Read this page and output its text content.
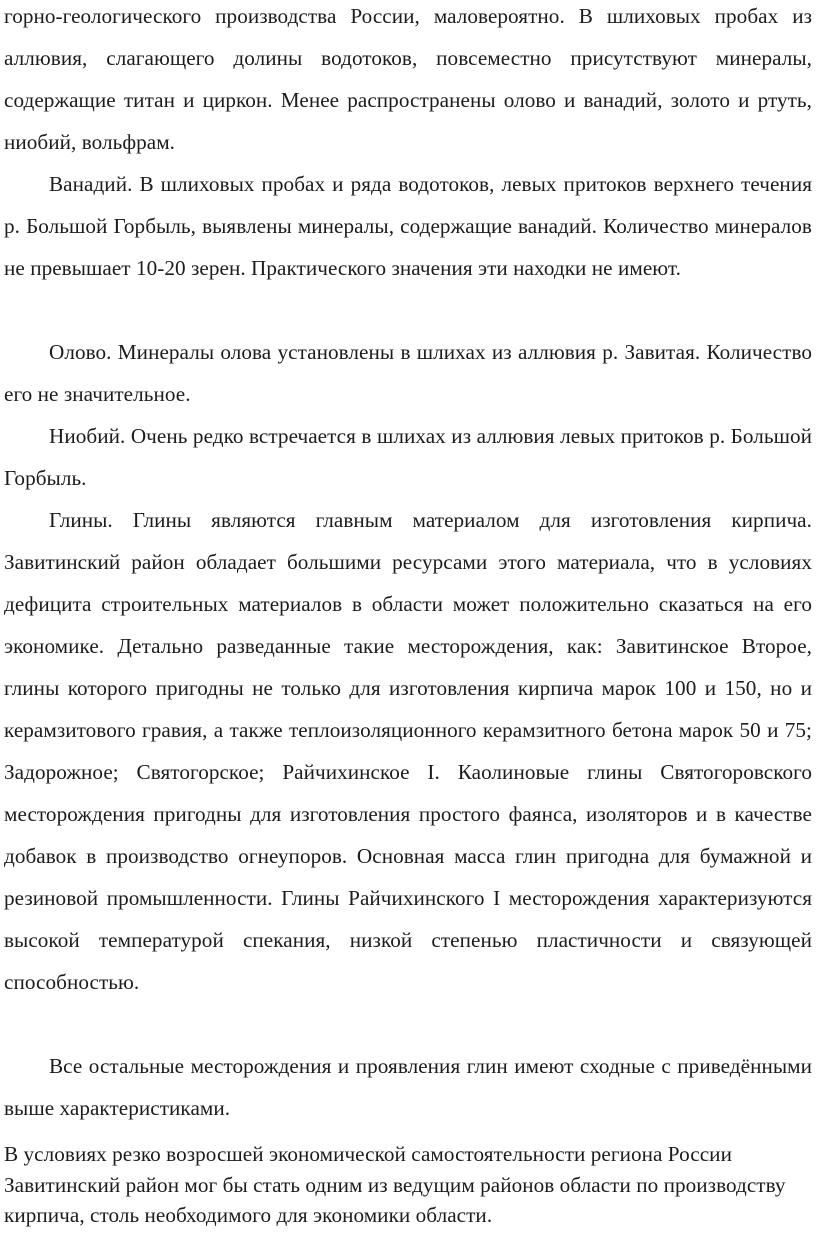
горно-геологического производства России, маловероятно. В шлиховых пробах из аллювия, слагающего долины водотоков, повсеместно присутствуют минералы, содержащие титан и циркон. Менее распространены олово и ванадий, золото и ртуть, ниобий, вольфрам.

Ванадий. В шлиховых пробах и ряда водотоков, левых притоков верхнего течения р. Большой Горбыль, выявлены минералы, содержащие ванадий. Количество минералов не превышает 10-20 зерен. Практического значения эти находки не имеют.

Олово. Минералы олова установлены в шлихах из аллювия р. Завитая. Количество его не значительное.

Ниобий. Очень редко встречается в шлихах из аллювия левых притоков р. Большой Горбыль.

Глины. Глины являются главным материалом для изготовления кирпича. Завитинский район обладает большими ресурсами этого материала, что в условиях дефицита строительных материалов в области может положительно сказаться на его экономике. Детально разведанные такие месторождения, как: Завитинское Второе, глины которого пригодны не только для изготовления кирпича марок 100 и 150, но и керамзитового гравия, а также теплоизоляционного керамзитного бетона марок 50 и 75; Задорожное; Святогорское; Райчихинское I. Каолиновые глины Святогоровского месторождения пригодны для изготовления простого фаянса, изоляторов и в качестве добавок в производство огнеупоров. Основная масса глин пригодна для бумажной и резиновой промышленности. Глины Райчихинского I месторождения характеризуются высокой температурой спекания, низкой степенью пластичности и связующей способностью.

Все остальные месторождения и проявления глин имеют сходные с приведёнными выше характеристиками.

В условиях резко возросшей экономической самостоятельности региона России Завитинский район мог бы стать одним из ведущим районов области по производству кирпича, столь необходимого для экономики области.
